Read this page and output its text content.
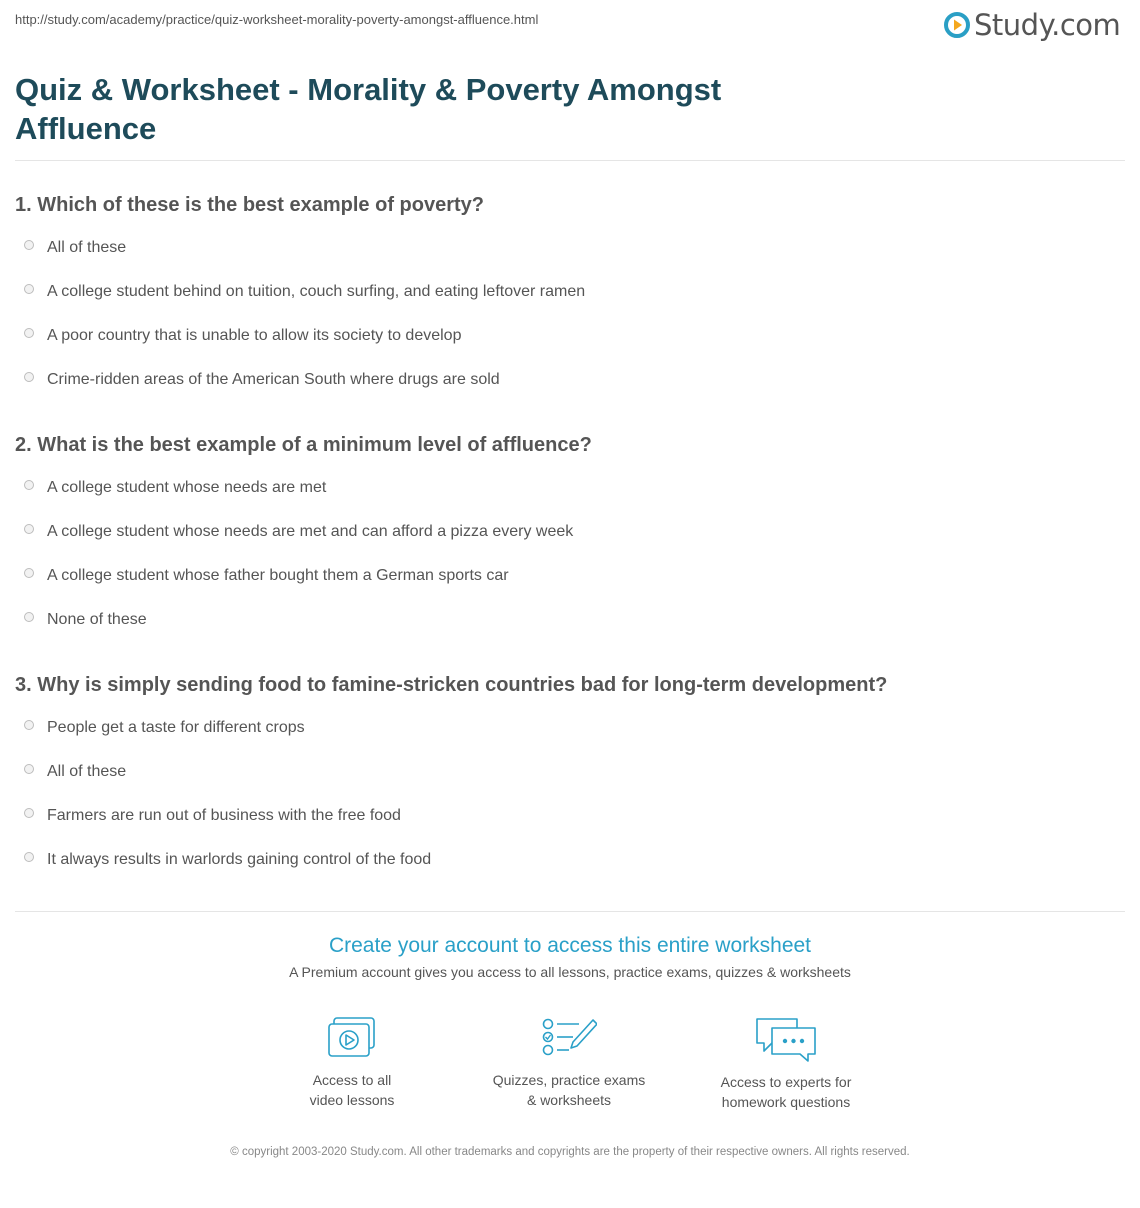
http://study.com/academy/practice/quiz-worksheet-morality-poverty-amongst-affluence.html	Study.com
Quiz & Worksheet - Morality & Poverty Amongst Affluence
1. Which of these is the best example of poverty?
All of these
A college student behind on tuition, couch surfing, and eating leftover ramen
A poor country that is unable to allow its society to develop
Crime-ridden areas of the American South where drugs are sold
2. What is the best example of a minimum level of affluence?
A college student whose needs are met
A college student whose needs are met and can afford a pizza every week
A college student whose father bought them a German sports car
None of these
3. Why is simply sending food to famine-stricken countries bad for long-term development?
People get a taste for different crops
All of these
Farmers are run out of business with the free food
It always results in warlords gaining control of the food
Create your account to access this entire worksheet
A Premium account gives you access to all lessons, practice exams, quizzes & worksheets
Access to all
video lessons
Quizzes, practice exams
& worksheets
Access to experts for
homework questions
© copyright 2003-2020 Study.com. All other trademarks and copyrights are the property of their respective owners. All rights reserved.
